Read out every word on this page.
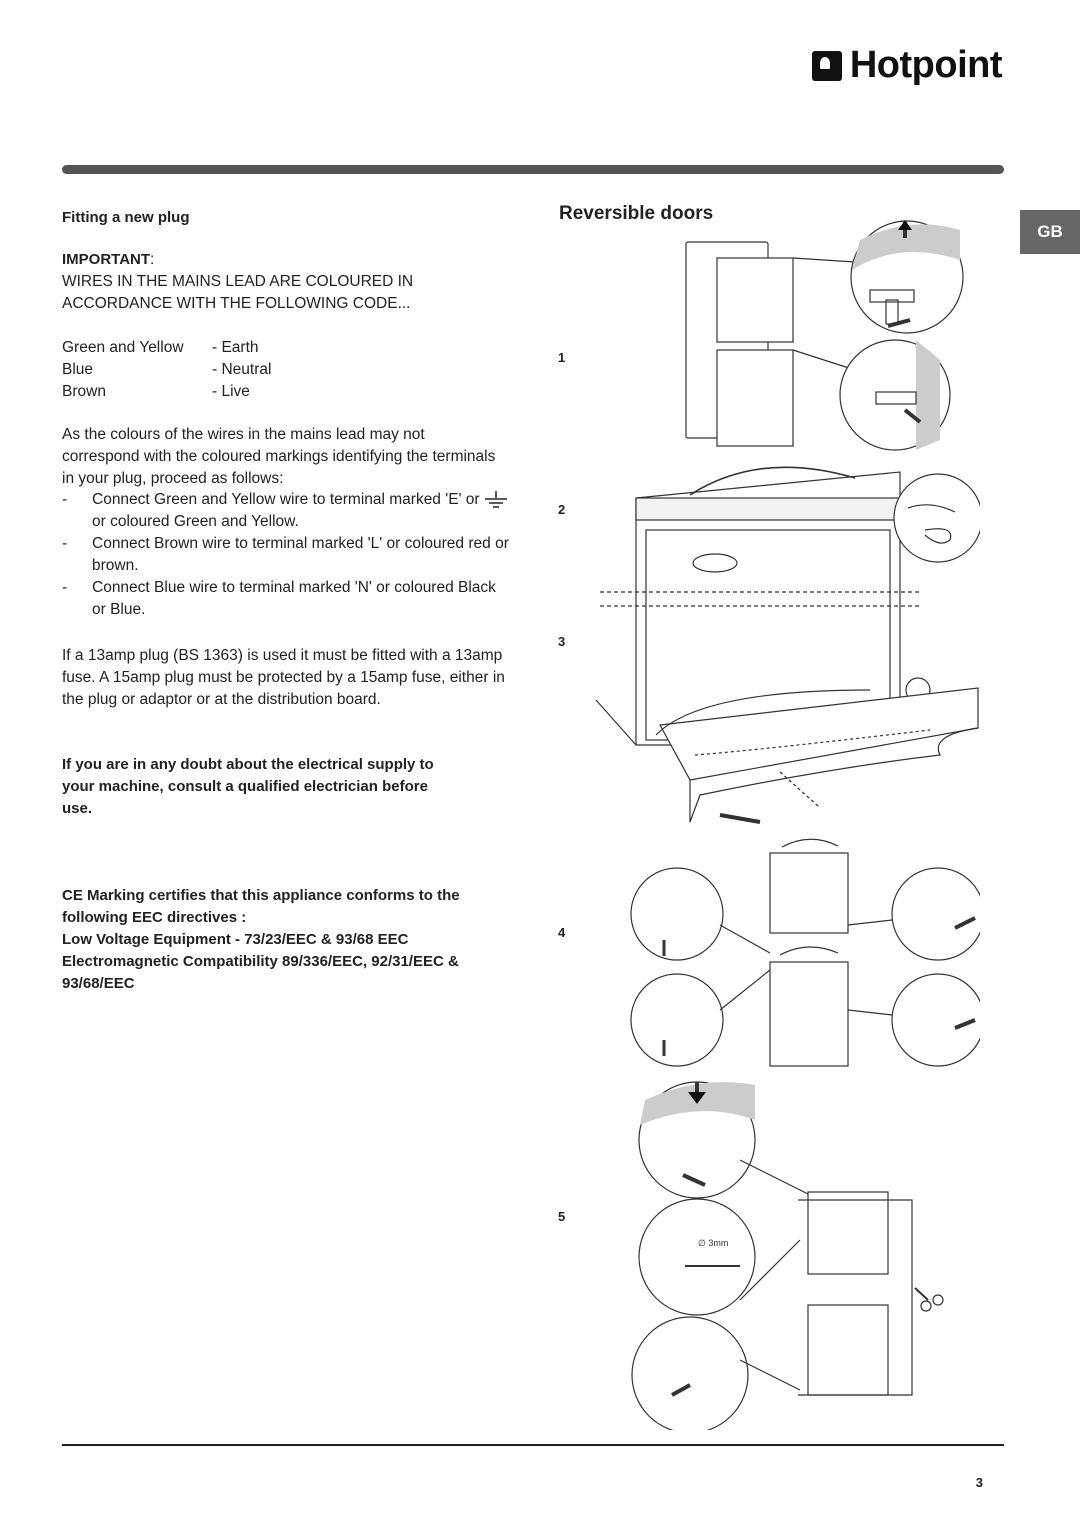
Hotpoint
GB
Fitting a new plug
IMPORTANT:
WIRES IN THE MAINS LEAD ARE COLOURED IN
ACCORDANCE WITH THE FOLLOWING CODE...
Green and Yellow	- Earth
Blue	- Neutral
Brown	- Live
As the colours of the wires in the mains lead may not correspond with the coloured markings identifying the terminals in your plug, proceed as follows:
-	Connect Green and Yellow wire to terminal marked 'E' or  or coloured Green and Yellow.
-	Connect Brown wire to terminal marked 'L' or coloured red or brown.
-	Connect Blue wire to terminal marked 'N' or coloured Black or Blue.
If a 13amp plug (BS 1363) is used it must be fitted with a 13amp fuse. A 15amp plug must be protected by a 15amp fuse, either in the plug or adaptor or at the distribution board.
If you are in any doubt about the electrical supply to your machine, consult a qualified electrician before use.
CE Marking certifies that this appliance conforms to the following EEC directives :
Low Voltage Equipment - 73/23/EEC & 93/68 EEC
Electromagnetic Compatibility 89/336/EEC, 92/31/EEC & 93/68/EEC
Reversible doors
1
2
3
4
5
∅ 3mm
3
